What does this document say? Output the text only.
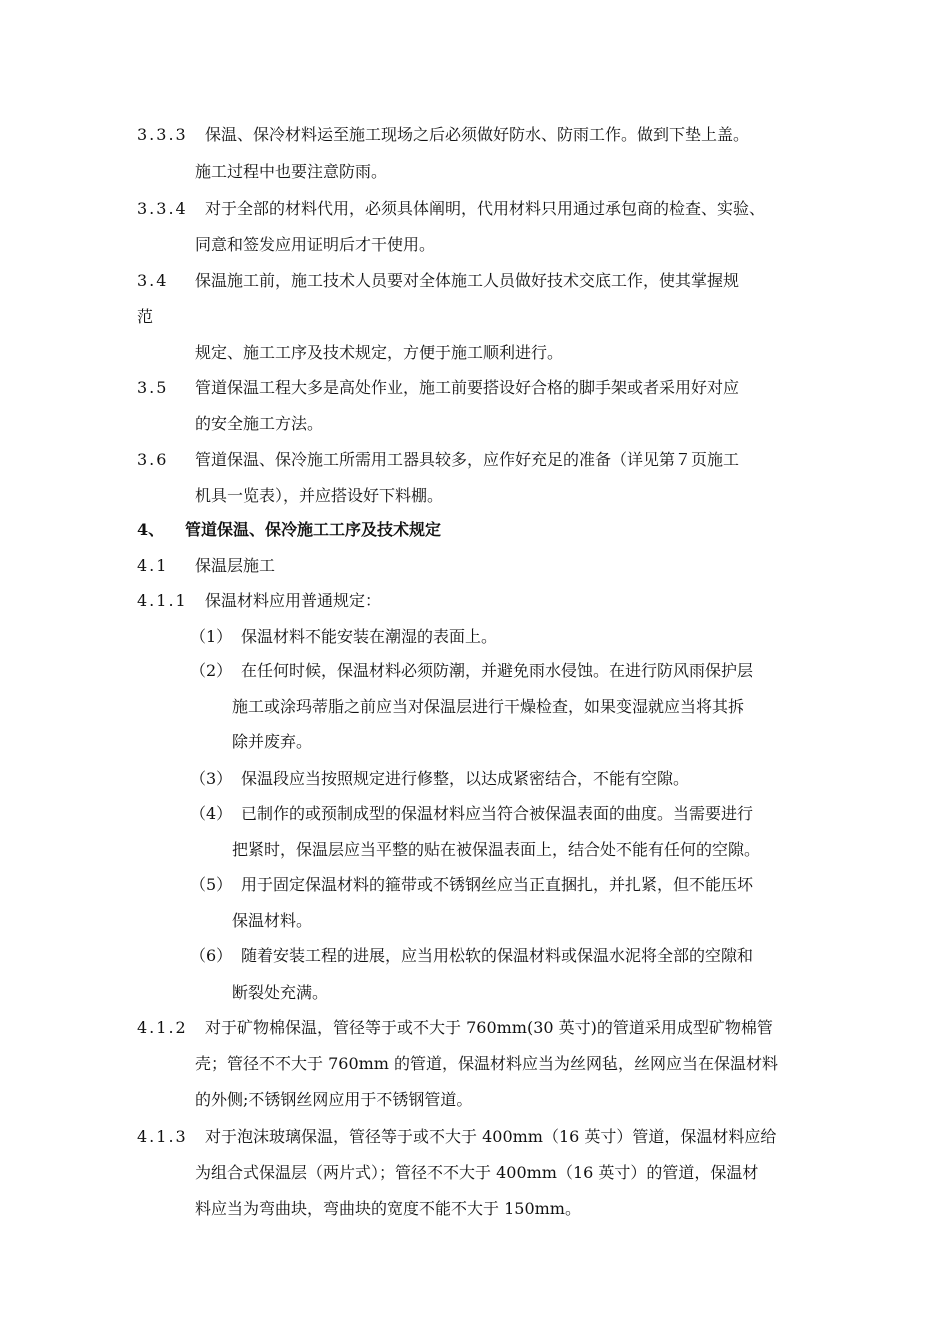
3.3.3 保温、保冷材料运至施工现场之后必须做好防水、防雨工作。做到下垫上盖。
施工过程中也要注意防雨。
3.3.4 对于全部的材料代用，必须具体阐明，代用材料只用通过承包商的检查、实验、
同意和签发应用证明后才干使用。
3.4 保温施工前，施工技术人员要对全体施工人员做好技术交底工作，使其掌握规
范
规定、施工工序及技术规定，方便于施工顺利进行。
3.5 管道保温工程大多是高处作业，施工前要搭设好合格的脚手架或者采用好对应
的安全施工方法。
3.6 管道保温、保冷施工所需用工器具较多，应作好充足的准备（详见第７页施工
机具一览表），并应搭设好下料棚。
4、 管道保温、保冷施工工序及技术规定
4.1 保温层施工
4.1.1 保温材料应用普通规定：
（1） 保温材料不能安装在潮湿的表面上。
（2） 在任何时候，保温材料必须防潮，并避免雨水侵蚀。在进行防风雨保护层
施工或涂玛蒂脂之前应当对保温层进行干燥检查，如果变湿就应当将其拆
除并废弃。
（3） 保温段应当按照规定进行修整，以达成紧密结合，不能有空隙。
（4） 已制作的或预制成型的保温材料应当符合被保温表面的曲度。当需要进行
把紧时，保温层应当平整的贴在被保温表面上，结合处不能有任何的空隙。
（5） 用于固定保温材料的箍带或不锈钢丝应当正直捆扎，并扎紧，但不能压坏
保温材料。
（6） 随着安装工程的进展，应当用松软的保温材料或保温水泥将全部的空隙和
断裂处充满。
4.1.2 对于矿物棉保温，管径等于或不大于 760mm(30 英寸)的管道采用成型矿物棉管
壳；管径不不大于 760mm 的管道，保温材料应当为丝网毡，丝网应当在保温材料
的外侧;不锈钢丝网应用于不锈钢管道。
4.1.3 对于泡沫玻璃保温，管径等于或不大于 400mm（16 英寸）管道，保温材料应给
为组合式保温层（两片式）；管径不不大于 400mm（16 英寸）的管道，保温材
料应当为弯曲块，弯曲块的宽度不能不大于 150mm。
